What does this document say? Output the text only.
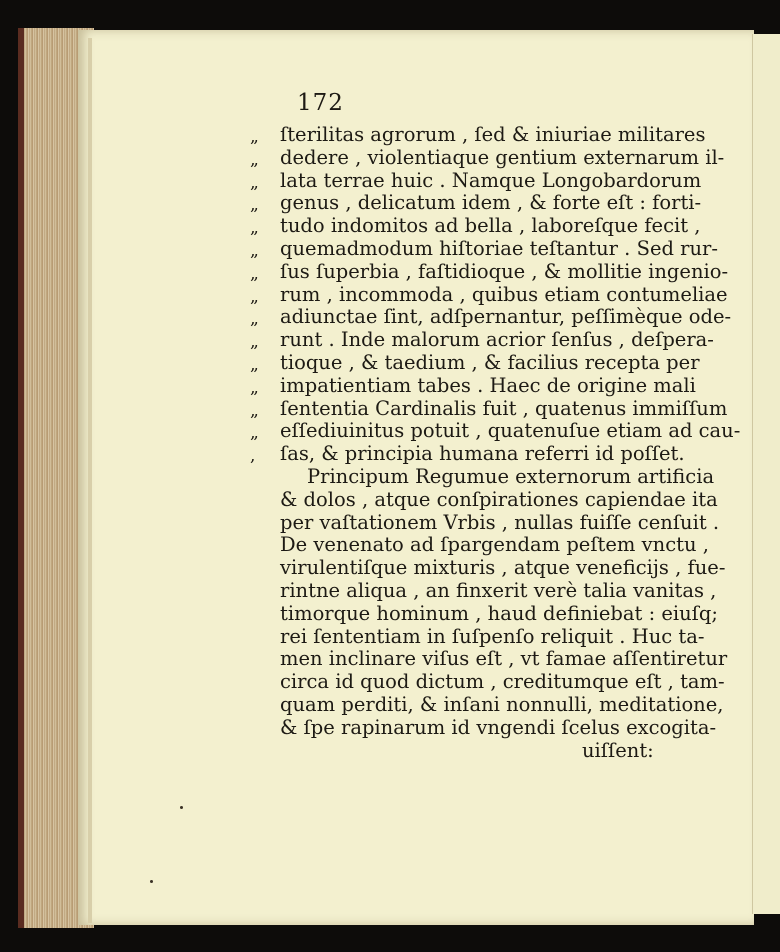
172
„ ſterilitas agrorum , ſed & iniuriae militares
„ dedere , violentiaque gentium externarum il-
„ lata terrae huic . Namque Longobardorum
„ genus , delicatum idem , & forte eſt : forti-
„ tudo indomitos ad bella , laboreſque fecit ,
„ quemadmodum hiſtoriae teſtantur . Sed rur-
„ ſus ſuperbia , faſtidioque , & mollitie ingenio-
„ rum , incommoda , quibus etiam contumeliae
„ adiunctae ſint, adſpernantur, peſſimèque ode-
„ runt . Inde malorum acrior ſenſus , deſpera-
„ tioque , & taedium , & facilius recepta per
„ impatientiam tabes . Haec de origine mali
„ ſententia Cardinalis fuit , quatenus immiſſum
„ eſſediuinitus potuit , quatenuſue etiam ad cau-
, ſas, & principia humana referri id poſſet.
Principum Regumue externorum artificia
& dolos , atque conſpirationes capiendae ita
per vaſtationem Vrbis , nullas fuiſſe cenſuit .
De venenato ad ſpargendam peſtem vnctu ,
virulentiſque mixturis , atque veneficijs , fue-
rintne aliqua , an finxerit verè talia vanitas ,
timorque hominum , haud definiebat : eiuſq;
rei ſententiam in ſuſpenſo reliquit . Huc ta-
men inclinare viſus eſt , vt famae aſſentiretur
circa id quod dictum , creditumque eſt , tam-
quam perditi, & inſani nonnulli, meditatione,
& ſpe rapinarum id vngendi ſcelus excogita-
uiſſent:
